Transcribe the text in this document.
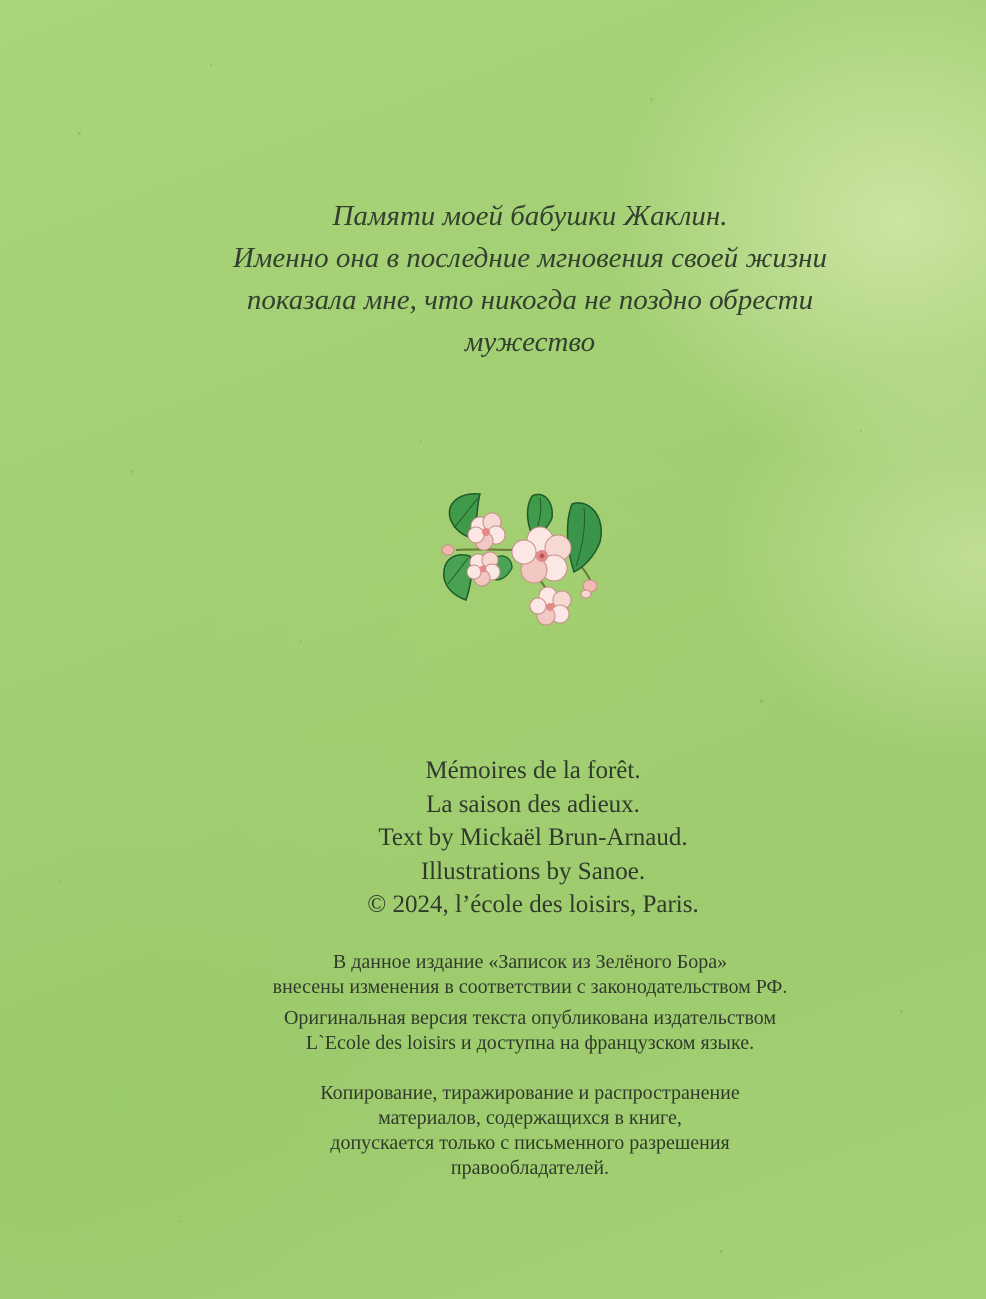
Памяти моей бабушки Жаклин.
Именно она в последние мгновения своей жизни
показала мне, что никогда не поздно обрести
мужество
Mémoires de la forêt.
La saison des adieux.
Text by Mickaël Brun-Arnaud.
Illustrations by Sanoe.
© 2024, l’école des loisirs, Paris.
В данное издание «Записок из Зелёного Бора»
внесены изменения в соответствии с законодательством РФ.
Оригинальная версия текста опубликована издательством
L`Ecole des loisirs и доступна на французском языке.
Копирование, тиражирование и распространение
материалов, содержащихся в книге,
допускается только с письменного разрешения
правообладателей.
